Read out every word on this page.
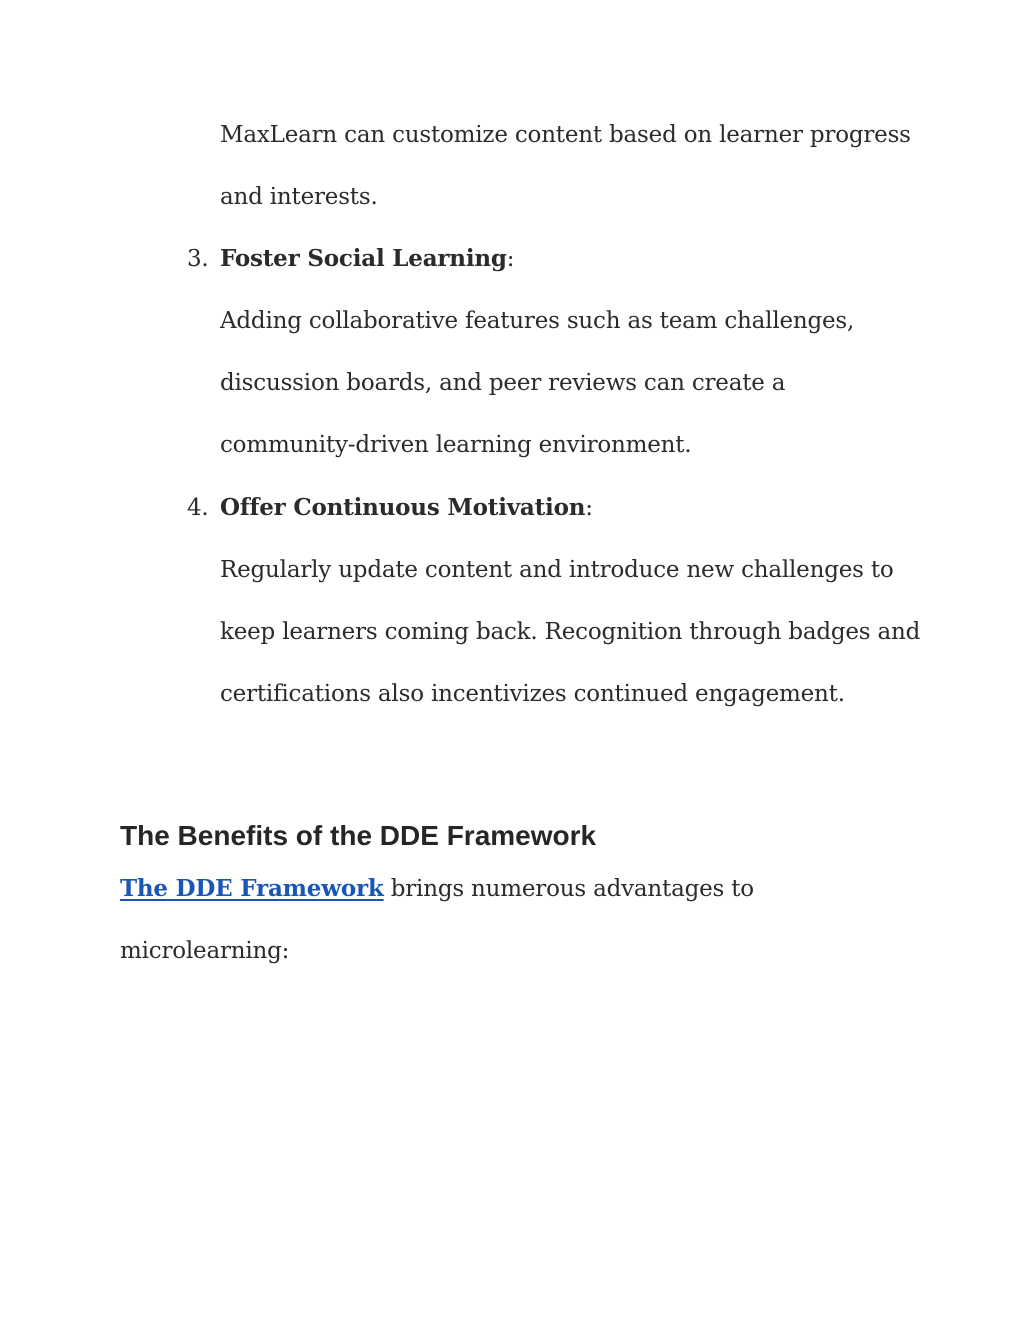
MaxLearn can customize content based on learner progress
and interests.
3. Foster Social Learning:
Adding collaborative features such as team challenges,
discussion boards, and peer reviews can create a
community-driven learning environment.
4. Offer Continuous Motivation:
Regularly update content and introduce new challenges to
keep learners coming back. Recognition through badges and
certifications also incentivizes continued engagement.
The Benefits of the DDE Framework
The DDE Framework brings numerous advantages to
microlearning:
